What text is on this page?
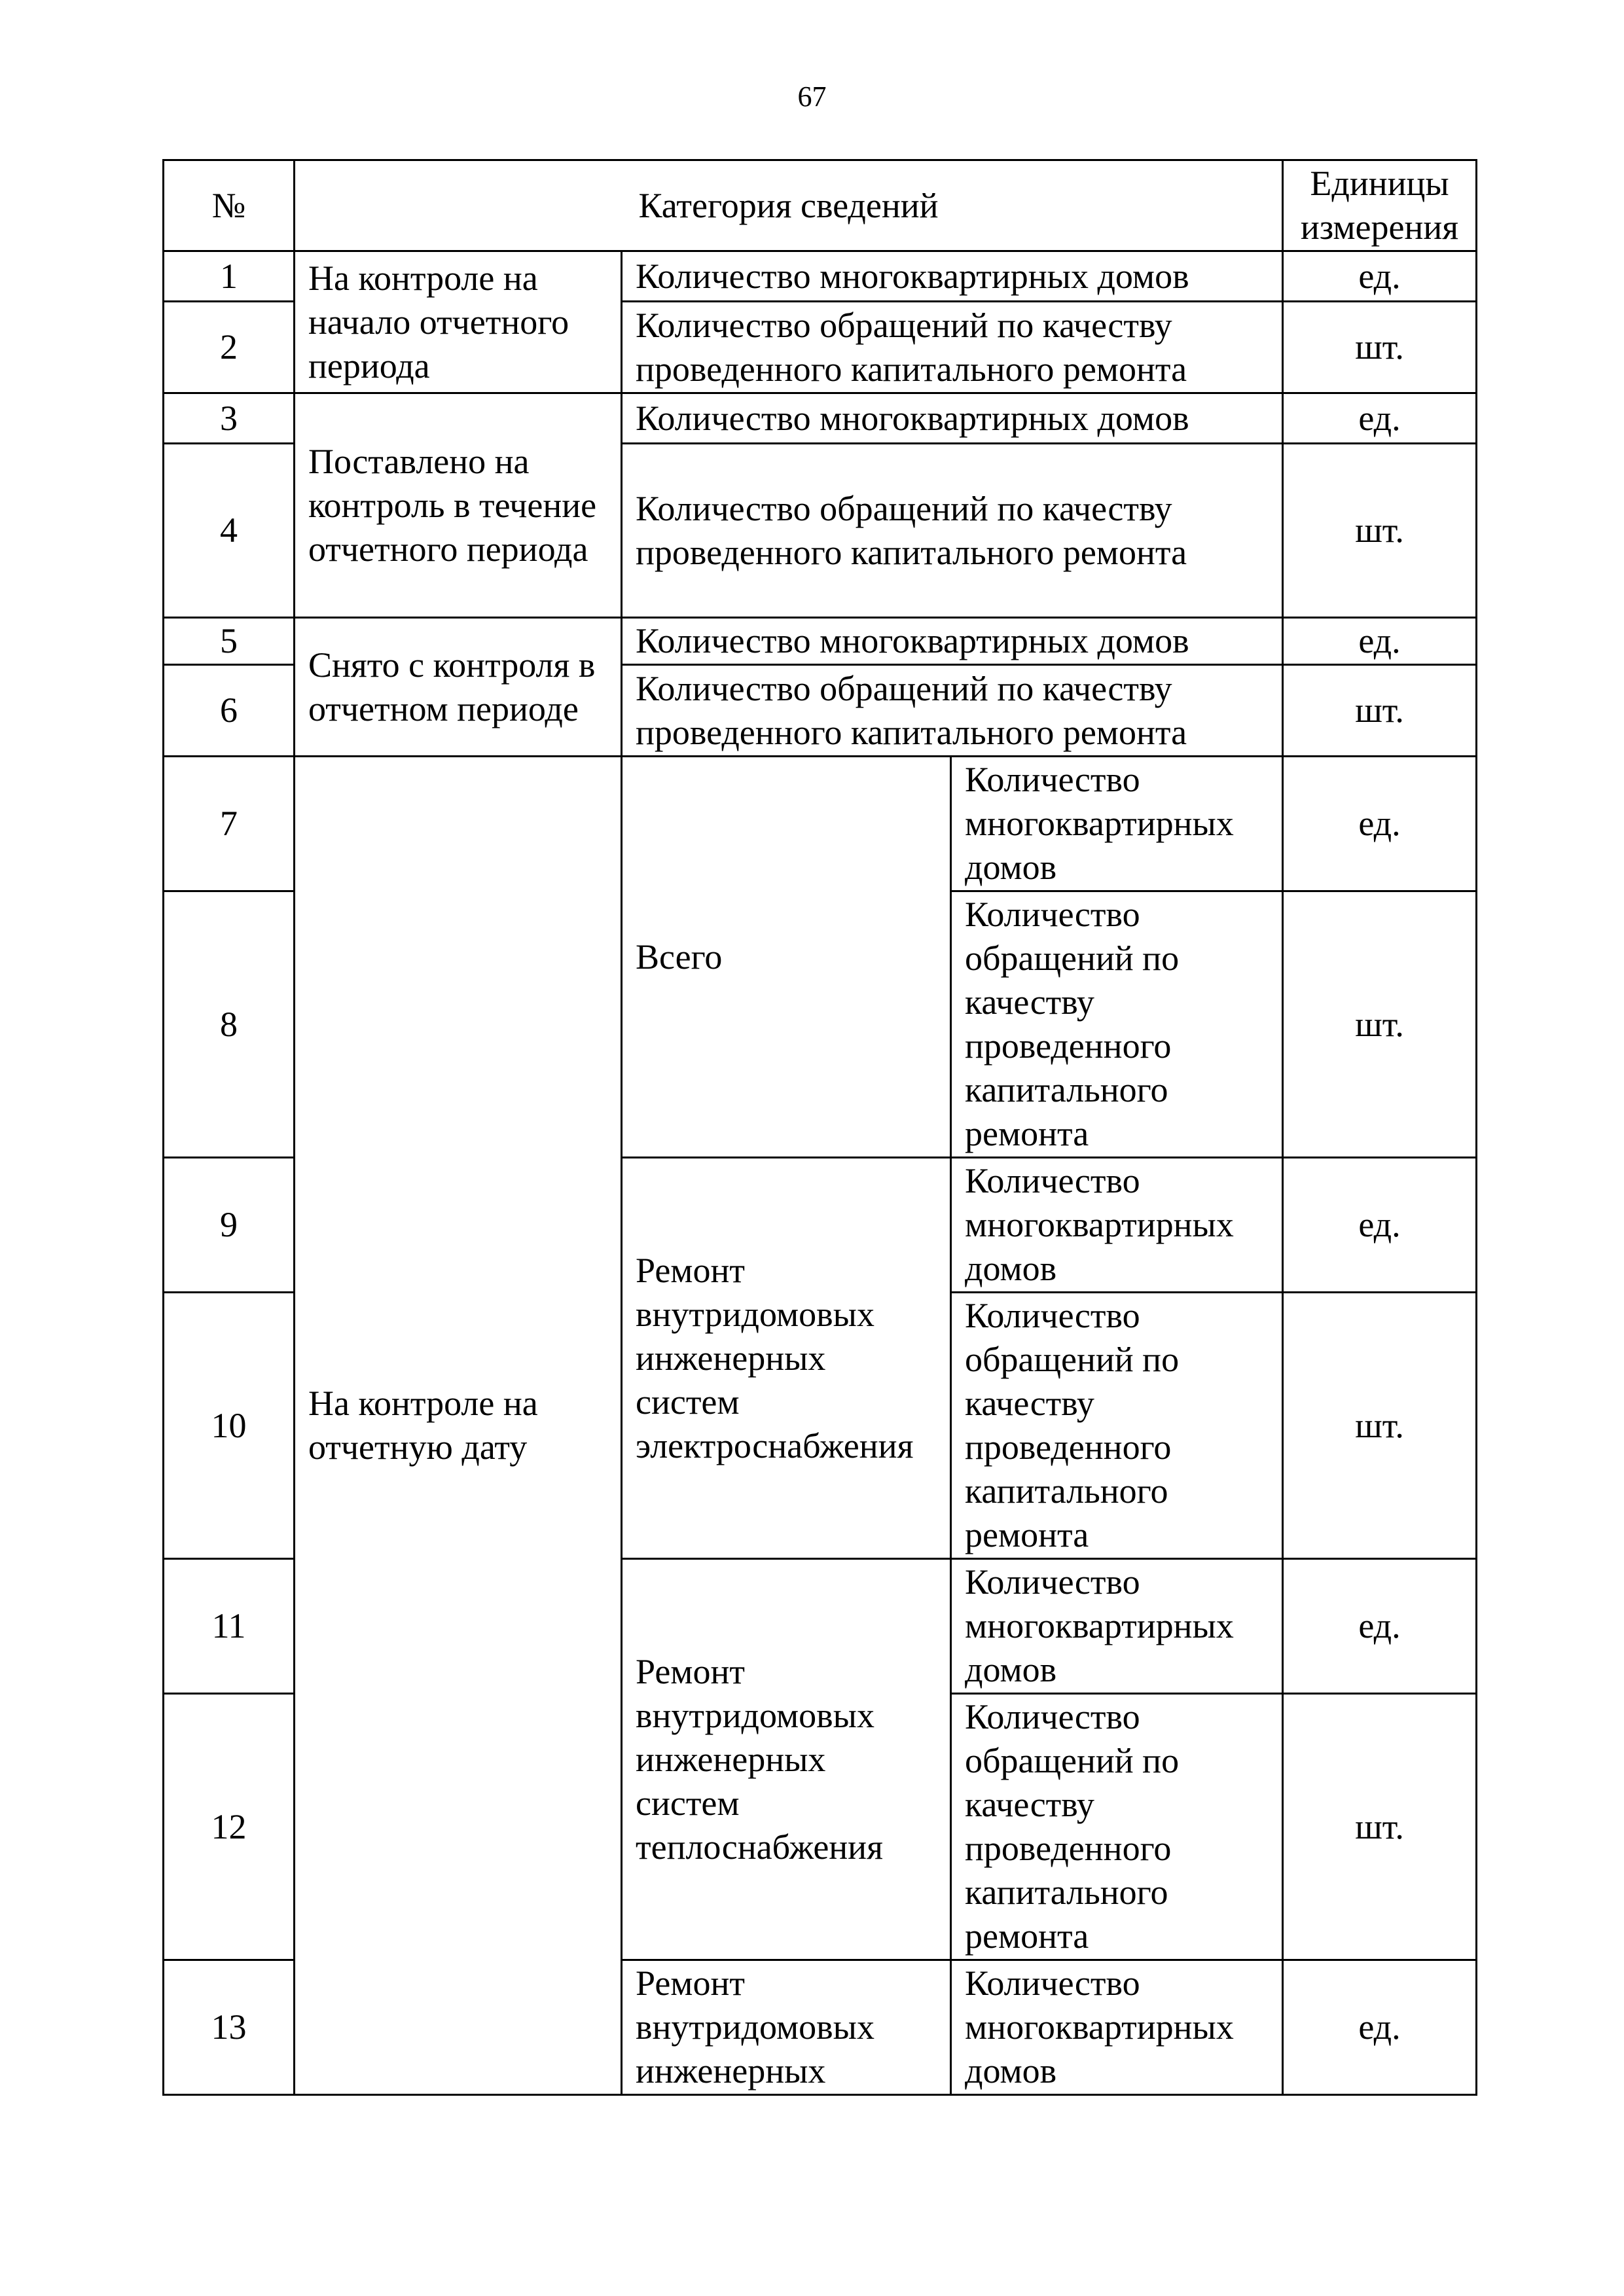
67
№	Категория сведений			Единицы измерения
1	На контроле на начало отчетного периода	Количество многоквартирных домов		ед.
2		Количество обращений по качеству проведенного капитального ремонта		шт.
3	Поставлено на контроль в течение отчетного периода	Количество многоквартирных домов		ед.
4		Количество обращений по качеству проведенного капитального ремонта		шт.
5	Снято с контроля в отчетном периоде	Количество многоквартирных домов		ед.
6		Количество обращений по качеству проведенного капитального ремонта		шт.
7	На контроле на отчетную дату	Всего	Количество многоквартирных домов	ед.
8			Количество обращений по качеству проведенного капитального ремонта	шт.
9		Ремонт внутридомовых инженерных систем электроснабжения	Количество многоквартирных домов	ед.
10			Количество обращений по качеству проведенного капитального ремонта	шт.
11		Ремонт внутридомовых инженерных систем теплоснабжения	Количество многоквартирных домов	ед.
12			Количество обращений по качеству проведенного капитального ремонта	шт.
13		Ремонт внутридомовых инженерных	Количество многоквартирных домов	ед.
